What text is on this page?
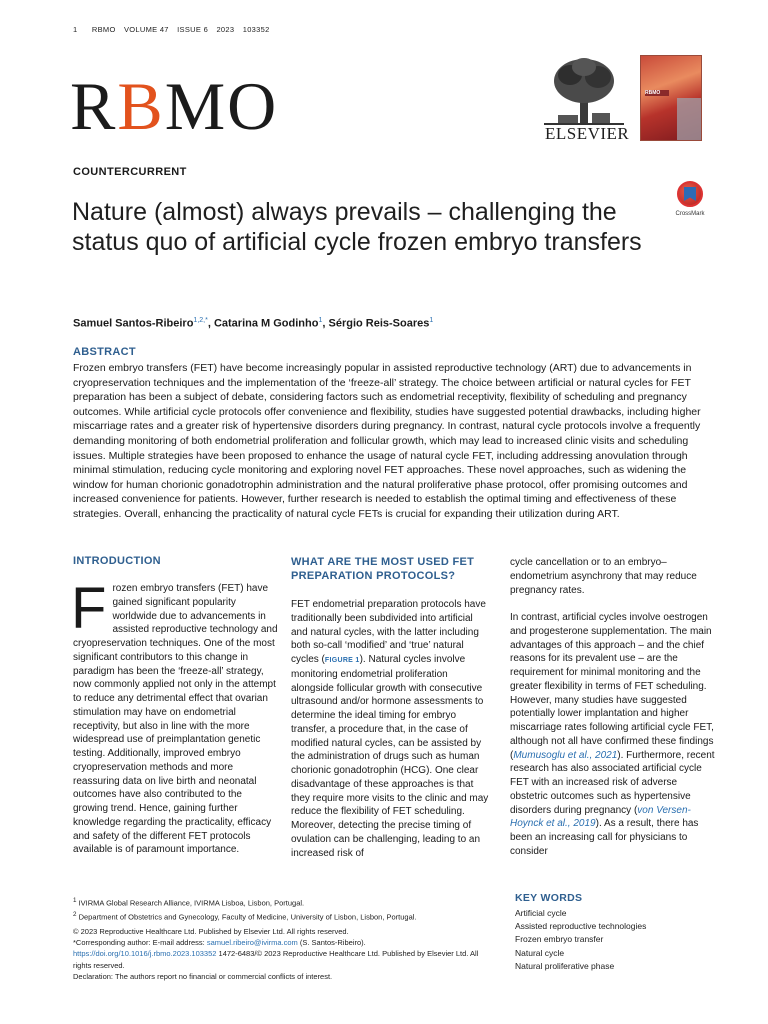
1 RBMO VOLUME 47 ISSUE 6 2023 103352
RBMO	ELSEVIER
RBMO
COUNTERCURRENT
Nature (almost) always prevails – challenging the status quo of artificial cycle frozen embryo transfers
CrossMark
Samuel Santos-Ribeiro$^{1,2,*}$, Catarina M Godinho$^1$, Sérgio Reis-Soares$^1$
ABSTRACT
Frozen embryo transfers (FET) have become increasingly popular in assisted reproductive technology (ART) due to advancements in cryopreservation techniques and the implementation of the ‘freeze-all’ strategy. The choice between artificial or natural cycles for FET preparation has been a subject of debate, considering factors such as endometrial receptivity, flexibility of scheduling and pregnancy outcomes. While artificial cycle protocols offer convenience and flexibility, studies have suggested potential drawbacks, including higher miscarriage rates and a greater risk of hypertensive disorders during pregnancy. In contrast, natural cycle protocols involve a frequently demanding monitoring of both endometrial proliferation and follicular growth, which may lead to increased clinic visits and scheduling issues. Multiple strategies have been proposed to enhance the usage of natural cycle FET, including addressing anovulation through minimal stimulation, reducing cycle monitoring and exploring novel FET approaches. These novel approaches, such as widening the window for human chorionic gonadotrophin administration and the natural proliferative phase protocol, offer promising outcomes and increased convenience for patients. However, further research is needed to establish the optimal timing and effectiveness of these strategies. Overall, enhancing the practicality of natural cycle FETs is crucial for expanding their utilization during ART.
INTRODUCTION
F rozen embryo transfers (FET) have gained significant popularity worldwide due to advancements in assisted reproductive technology and cryopreservation techniques. One of the most significant contributors to this change in paradigm has been the ‘freeze-all’ strategy, now commonly applied not only in the attempt to reduce any detrimental effect that ovarian stimulation may have on endometrial receptivity, but also in line with the more widespread use of preimplantation genetic testing. Additionally, improved embryo cryopreservation methods and more reassuring data on live birth and neonatal outcomes have also contributed to the growing trend. Hence, gaining further knowledge regarding the practicality, efficacy and safety of the different FET protocols available is of paramount importance.

WHAT ARE THE MOST USED FET PREPARATION PROTOCOLS?
FET endometrial preparation protocols have traditionally been subdivided into artificial and natural cycles, with the latter including both so-call ‘modified’ and ‘true’ natural cycles (FIGURE 1). Natural cycles involve monitoring endometrial proliferation alongside follicular growth with consecutive ultrasound and/or hormone assessments to determine the ideal timing for embryo transfer, a procedure that, in the case of modified natural cycles, can be assisted by the administration of drugs such as human chorionic gonadotrophin (HCG). One clear disadvantage of these approaches is that they require more visits to the clinic and may reduce the flexibility of FET scheduling. Moreover, detecting the precise timing of ovulation can be challenging, leading to an increased risk of

cycle cancellation or to an embryo–endometrium asynchrony that may reduce pregnancy rates.

In contrast, artificial cycles involve oestrogen and progesterone supplementation. The main advantages of this approach – and the chief reasons for its prevalent use – are the requirement for minimal monitoring and the greater flexibility in terms of FET scheduling. However, many studies have suggested potentially lower implantation and higher miscarriage rates following artificial cycle FET, although not all have confirmed these findings (Mumusoglu et al., 2021). Furthermore, recent research has also associated artificial cycle FET with an increased risk of adverse obstetric outcomes such as hypertensive disorders during pregnancy (von Versen-Hoynck et al., 2019). As a result, there has been an increasing call for physicians to consider

$^1$ IVIRMA Global Research Alliance, IVIRMA Lisboa, Lisbon, Portugal.
$^2$ Department of Obstetrics and Gynecology, Faculty of Medicine, University of Lisbon, Lisbon, Portugal.
© 2023 Reproductive Healthcare Ltd. Published by Elsevier Ltd. All rights reserved.
*Corresponding author: E-mail address: samuel.ribeiro@ivirma.com (S. Santos-Ribeiro). https://doi.org/10.1016/j.rbmo.2023.103352 1472-6483/© 2023 Reproductive Healthcare Ltd. Published by Elsevier Ltd. All rights reserved.
Declaration: The authors report no financial or commercial conflicts of interest.
KEY WORDS
Artificial cycle
Assisted reproductive technologies
Frozen embryo transfer
Natural cycle
Natural proliferative phase
